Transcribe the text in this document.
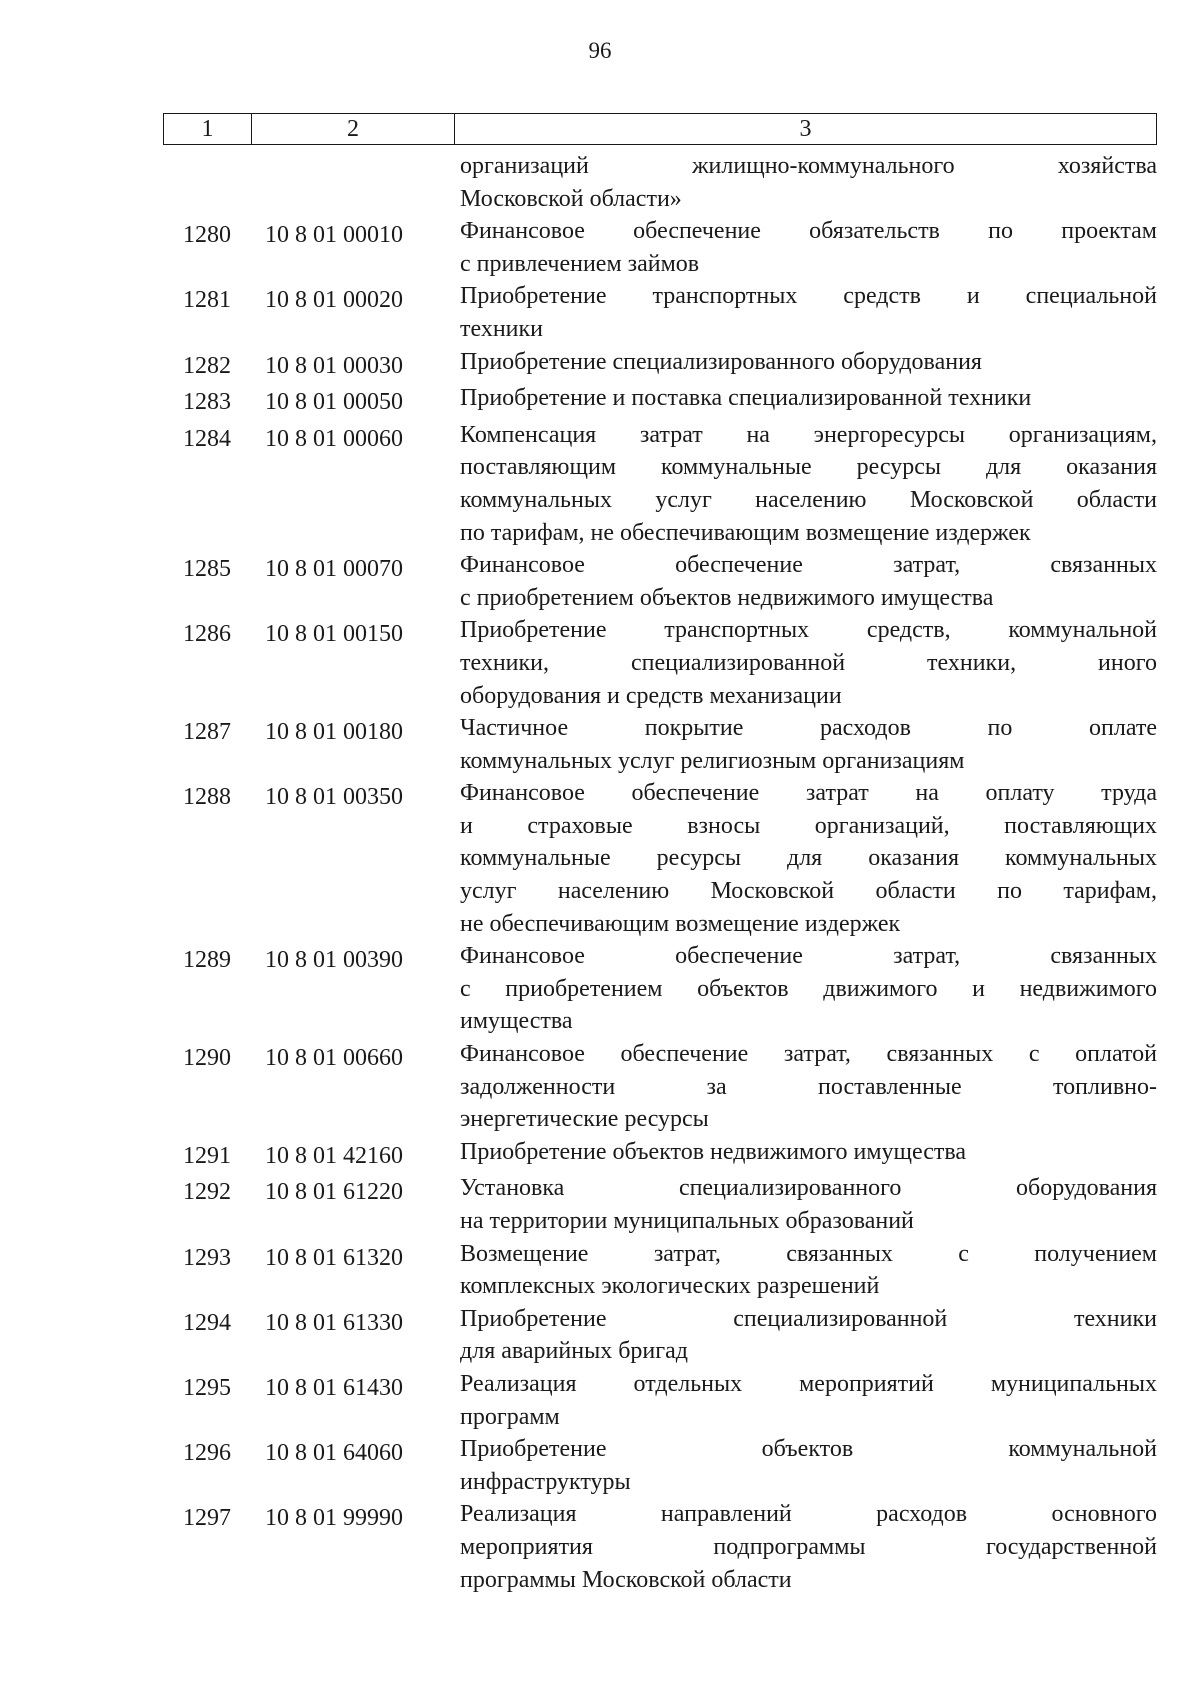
96
1	2	3
организаций жилищно-коммунального хозяйства
Московской области»
1280	10 8 01 00010	Финансовое обеспечение обязательств по проектам
с привлечением займов
1281	10 8 01 00020	Приобретение транспортных средств и специальной
техники
1282	10 8 01 00030	Приобретение специализированного оборудования
1283	10 8 01 00050	Приобретение и поставка специализированной техники
1284	10 8 01 00060	Компенсация затрат на энергоресурсы организациям,
поставляющим коммунальные ресурсы для оказания
коммунальных услуг населению Московской области
по тарифам, не обеспечивающим возмещение издержек
1285	10 8 01 00070	Финансовое обеспечение затрат, связанных
с приобретением объектов недвижимого имущества
1286	10 8 01 00150	Приобретение транспортных средств, коммунальной
техники, специализированной техники, иного
оборудования и средств механизации
1287	10 8 01 00180	Частичное покрытие расходов по оплате
коммунальных услуг религиозным организациям
1288	10 8 01 00350	Финансовое обеспечение затрат на оплату труда
и страховые взносы организаций, поставляющих
коммунальные ресурсы для оказания коммунальных
услуг населению Московской области по тарифам,
не обеспечивающим возмещение издержек
1289	10 8 01 00390	Финансовое обеспечение затрат, связанных
с приобретением объектов движимого и недвижимого
имущества
1290	10 8 01 00660	Финансовое обеспечение затрат, связанных с оплатой
задолженности за поставленные топливно-
энергетические ресурсы
1291	10 8 01 42160	Приобретение объектов недвижимого имущества
1292	10 8 01 61220	Установка специализированного оборудования
на территории муниципальных образований
1293	10 8 01 61320	Возмещение затрат, связанных с получением
комплексных экологических разрешений
1294	10 8 01 61330	Приобретение специализированной техники
для аварийных бригад
1295	10 8 01 61430	Реализация отдельных мероприятий муниципальных
программ
1296	10 8 01 64060	Приобретение объектов коммунальной
инфраструктуры
1297	10 8 01 99990	Реализация направлений расходов основного
мероприятия подпрограммы государственной
программы Московской области
